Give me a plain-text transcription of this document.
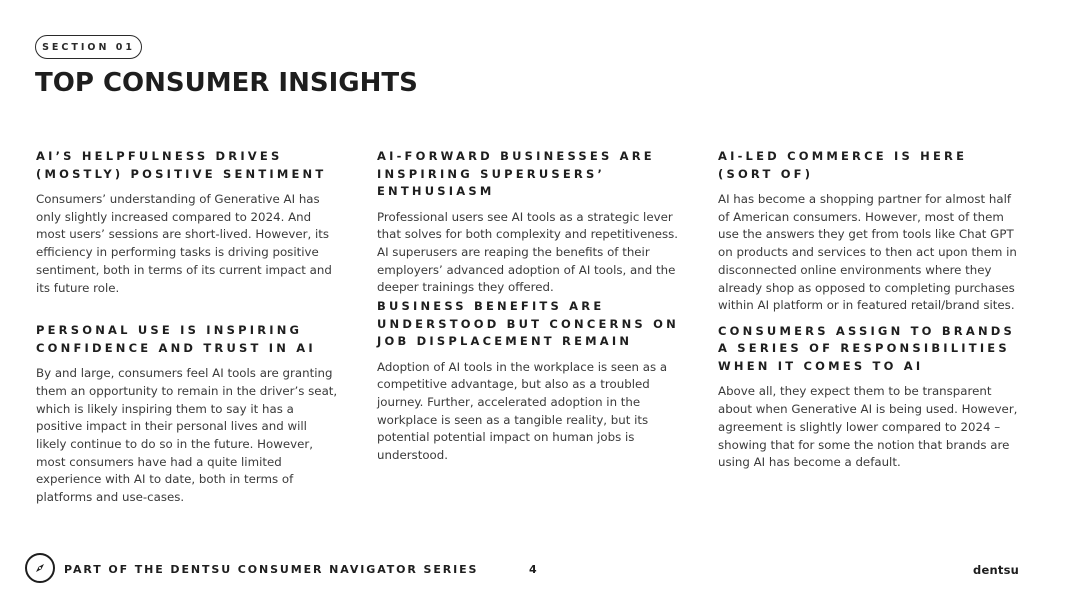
SECTION 01
TOP CONSUMER INSIGHTS
AI’S HELPFULNESS DRIVES (MOSTLY) POSITIVE SENTIMENT

Consumers’ understanding of Generative AI has only slightly increased compared to 2024. And most users’ sessions are short-lived. However, its efficiency in performing tasks is driving positive sentiment, both in terms of its current impact and its future role.

PERSONAL USE IS INSPIRING CONFIDENCE AND TRUST IN AI

By and large, consumers feel AI tools are granting them an opportunity to remain in the driver’s seat, which is likely inspiring them to say it has a positive impact in their personal lives and will likely continue to do so in the future. However, most consumers have had a quite limited experience with AI to date, both in terms of platforms and use-cases.

AI-FORWARD BUSINESSES ARE INSPIRING SUPERUSERS’ ENTHUSIASM

Professional users see AI tools as a strategic lever that solves for both complexity and repetitiveness. AI superusers are reaping the benefits of their employers’ advanced adoption of AI tools, and the deeper trainings they offered.

BUSINESS BENEFITS ARE UNDERSTOOD BUT CONCERNS ON JOB DISPLACEMENT REMAIN

Adoption of AI tools in the workplace is seen as a competitive advantage, but also as a troubled journey. Further, accelerated adoption in the workplace is seen as a tangible reality, but its potential potential impact on human jobs is understood.

AI-LED COMMERCE IS HERE (SORT OF)

AI has become a shopping partner for almost half of American consumers. However, most of them use the answers they get from tools like Chat GPT on products and services to then act upon them in disconnected online environments where they already shop as opposed to completing purchases within AI platform or in featured retail/brand sites.

CONSUMERS ASSIGN TO BRANDS A SERIES OF RESPONSIBILITIES WHEN IT COMES TO AI

Above all, they expect them to be transparent about when Generative AI is being used. However, agreement is slightly lower compared to 2024 – showing that for some the notion that brands are using AI has become a default.

PART OF THE DENTSU CONSUMER NAVIGATOR SERIES	4	dentsu
